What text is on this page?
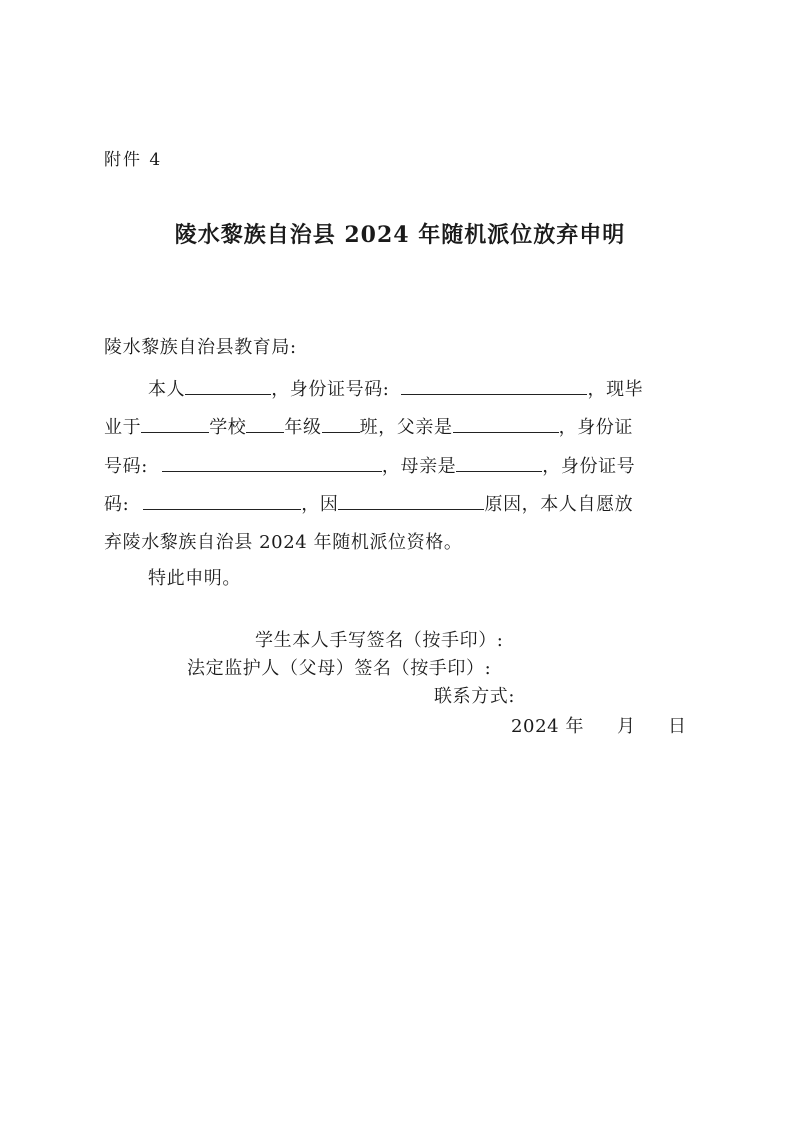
附件 4
陵水黎族自治县 2024 年随机派位放弃申明
陵水黎族自治县教育局:
本人	，身份证号码:	，现毕
业于	学校 年级 班，父亲是	，身份证
号码:	，母亲是	，身份证号
码:	，因	原因，本人自愿放
弃陵水黎族自治县 2024 年随机派位资格。
特此申明。
学生本人手写签名（按手印）:
法定监护人（父母）签名（按手印）:
联系方式:
2024 年 月 日
